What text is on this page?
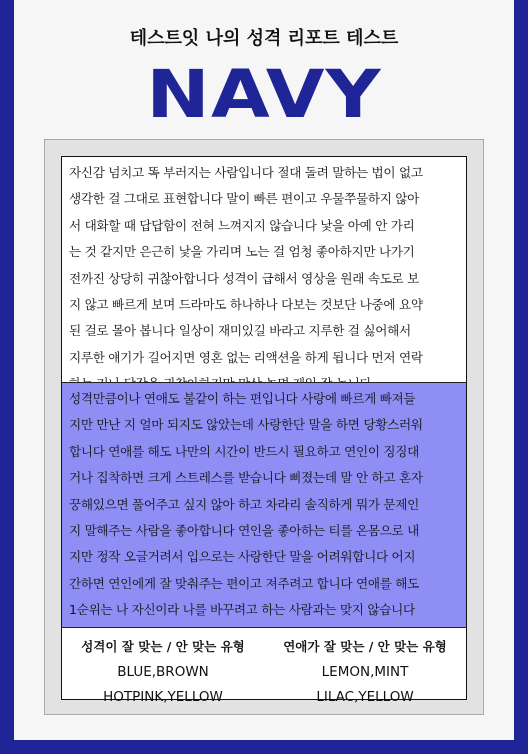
테스트잇 나의 성격 리포트 테스트
NAVY
자신감 넘치고 똑 부러지는 사람입니다 절대 돌려 말하는 법이 없고
생각한 걸 그대로 표현합니다 말이 빠른 편이고 우물쭈물하지 않아
서 대화할 때 답답함이 전혀 느껴지지 않습니다 낯을 아예 안 가리
는 것 같지만 은근히 낯을 가리며 노는 걸 엄청 좋아하지만 나가기
전까진 상당히 귀찮아합니다 성격이 급해서 영상을 원래 속도로 보
지 않고 빠르게 보며 드라마도 하나하나 다보는 것보단 나중에 요약
된 걸로 몰아 봅니다 일상이 재미있길 바라고 지루한 걸 싫어해서
지루한 얘기가 길어지면 영혼 없는 리액션을 하게 됩니다 먼저 연락
성격만큼이나 연애도 불같이 하는 편입니다 사랑에 빠르게 빠져들
지만 만난 지 얼마 되지도 않았는데 사랑한단 말을 하면 당황스러워
합니다 연애를 해도 나만의 시간이 반드시 필요하고 연인이 징징대
거나 집착하면 크게 스트레스를 받습니다 삐졌는데 말 안 하고 혼자
꿍해있으면 풀어주고 싶지 않아 하고 차라리 솔직하게 뭐가 문제인
지 말해주는 사람을 좋아합니다 연인을 좋아하는 티를 온몸으로 내
지만 정작 오글거려서 입으로는 사랑한단 말을 어려워합니다 어지
간하면 연인에게 잘 맞춰주는 편이고 져주려고 합니다 연애를 해도
1순위는 나 자신이라 나를 바꾸려고 하는 사람과는 맞지 않습니다
성격이 잘 맞는 / 안 맞는 유형
BLUE,BROWN
HOTPINK,YELLOW
연애가 잘 맞는 / 안 맞는 유형
LEMON,MINT
LILAC,YELLOW
